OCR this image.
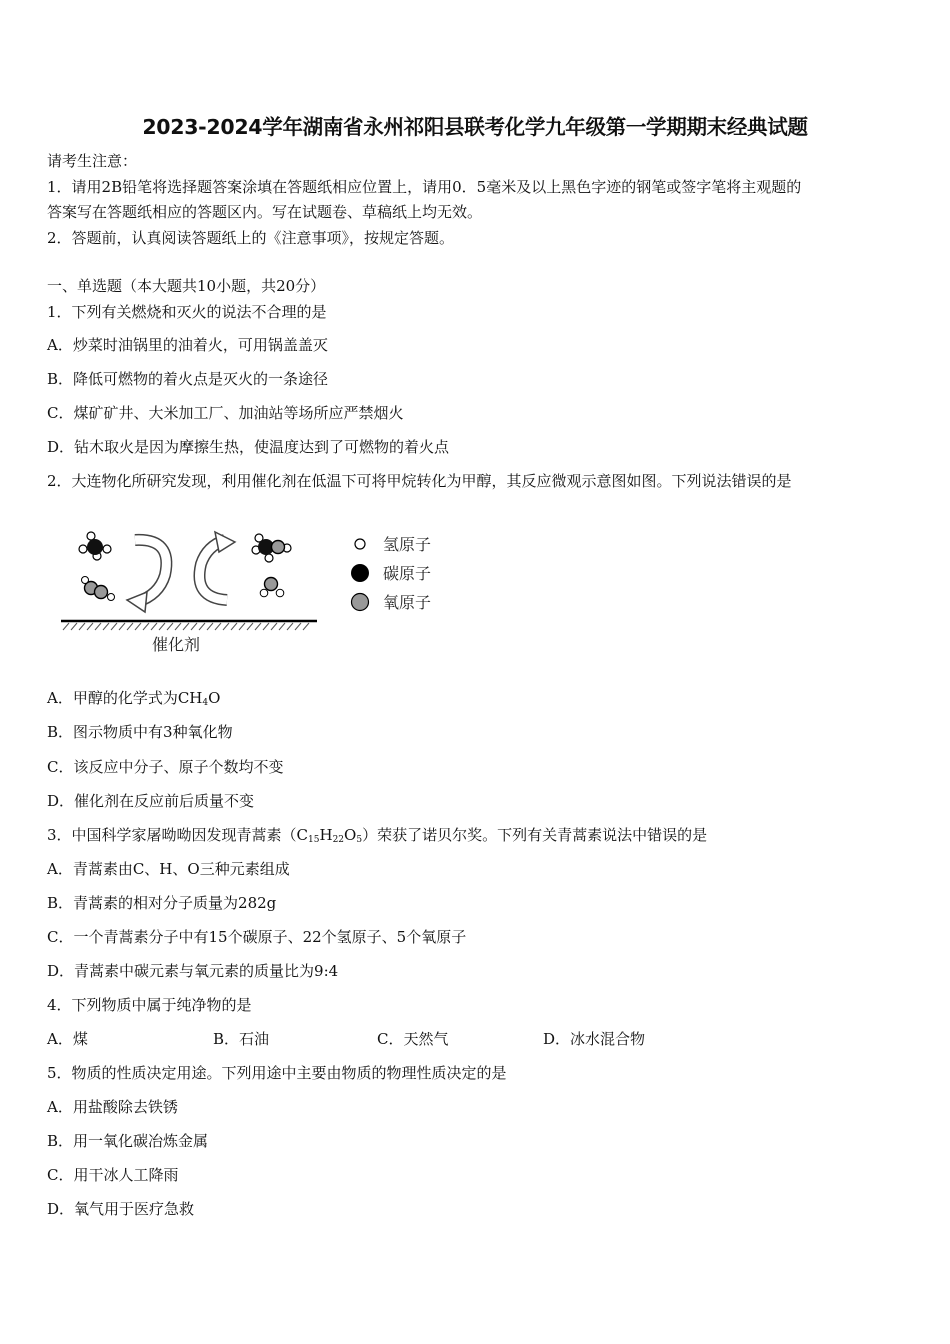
2023-2024学年湖南省永州祁阳县联考化学九年级第一学期期末经典试题
请考生注意：
1．请用2B铅笔将选择题答案涂填在答题纸相应位置上，请用0．5毫米及以上黑色字迹的钢笔或签字笔将主观题的
答案写在答题纸相应的答题区内。写在试题卷、草稿纸上均无效。
2．答题前，认真阅读答题纸上的《注意事项》，按规定答题。
一、单选题（本大题共10小题，共20分）
1．下列有关燃烧和灭火的说法不合理的是
A．炒菜时油锅里的油着火，可用锅盖盖灭
B．降低可燃物的着火点是灭火的一条途径
C．煤矿矿井、大米加工厂、加油站等场所应严禁烟火
D．钻木取火是因为摩擦生热，使温度达到了可燃物的着火点
2．大连物化所研究发现，利用催化剂在低温下可将甲烷转化为甲醇，其反应微观示意图如图。下列说法错误的是
催化剂
氢原子
碳原子
氧原子
A．甲醇的化学式为$CH_4O$
B．图示物质中有3种氧化物
C．该反应中分子、原子个数均不变
D．催化剂在反应前后质量不变
3．中国科学家屠呦呦因发现青蒿素$(C_{15}H_{22}O_5)$荣获了诺贝尔奖。下列有关青蒿素说法中错误的是
A．青蒿素由C、H、O三种元素组成
B．青蒿素的相对分子质量为282g
C．一个青蒿素分子中有15个碳原子、22个氢原子、5个氧原子
D．青蒿素中碳元素与氧元素的质量比为9:4
4．下列物质中属于纯净物的是
A．煤	B．石油	C．天然气	D．冰水混合物
5．物质的性质决定用途。下列用途中主要由物质的物理性质决定的是
A．用盐酸除去铁锈
B．用一氧化碳冶炼金属
C．用干冰人工降雨
D．氧气用于医疗急救
